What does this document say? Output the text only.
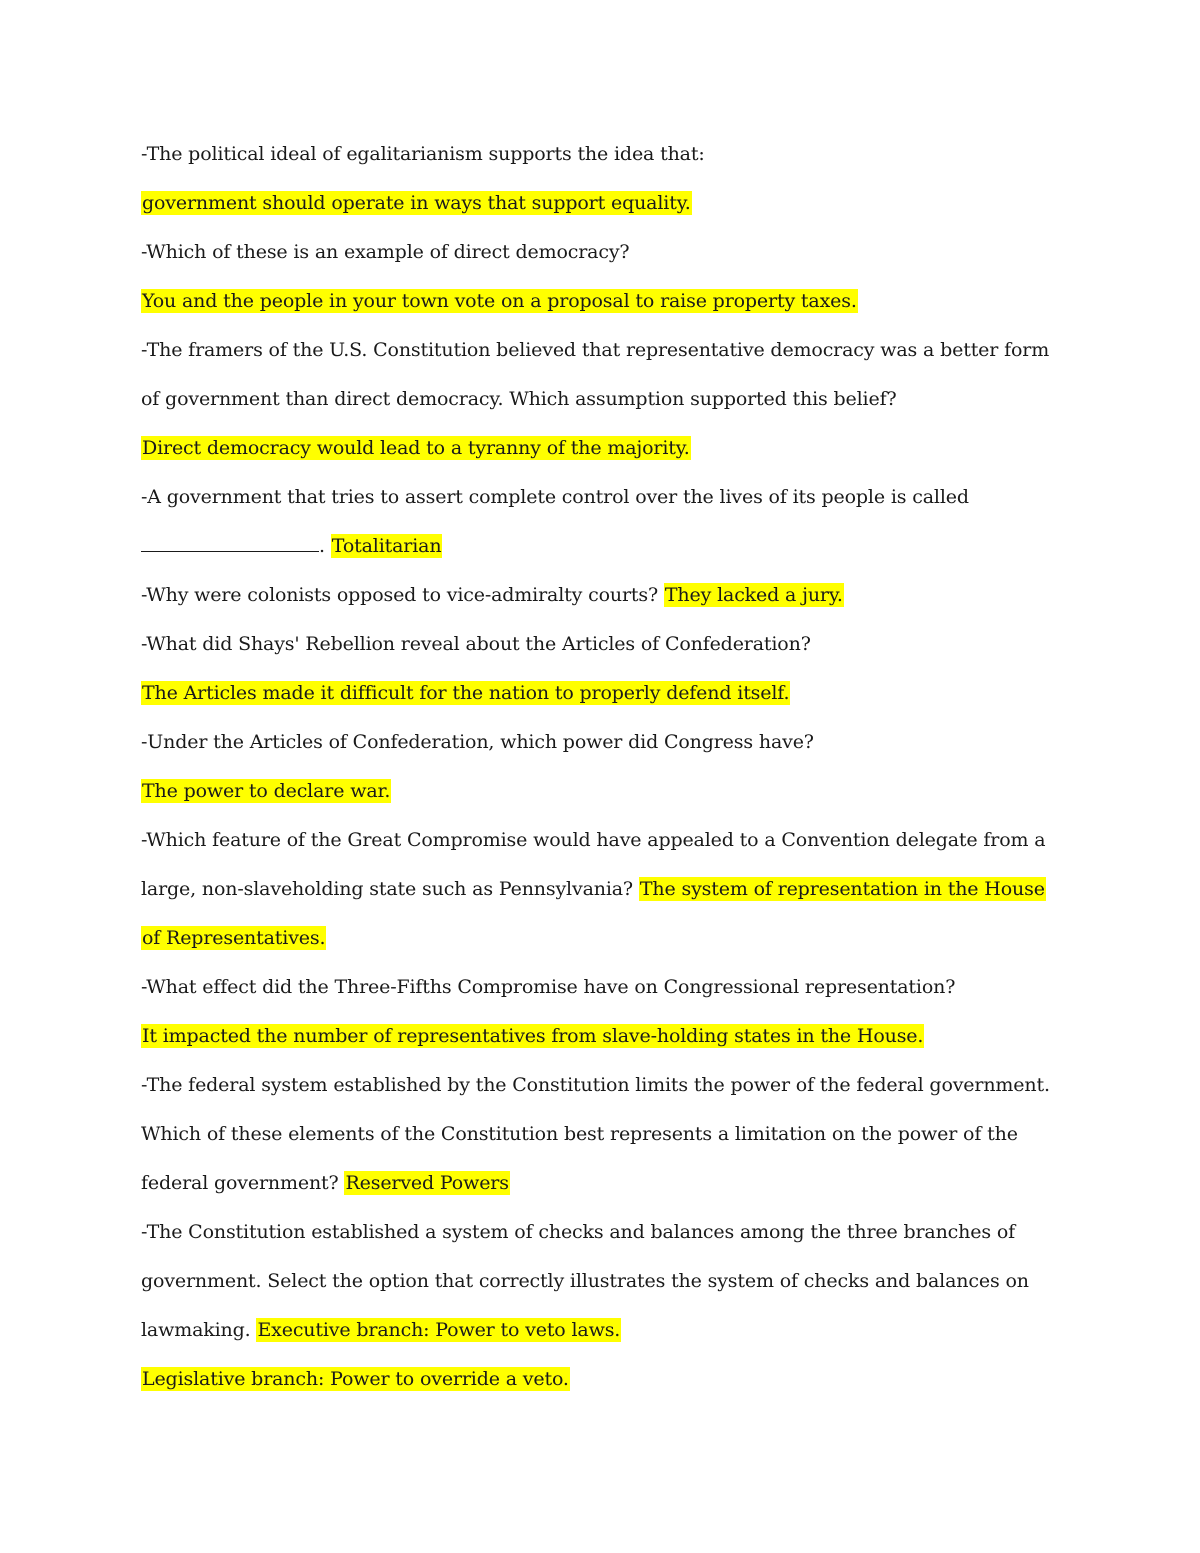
-The political ideal of egalitarianism supports the idea that:
government should operate in ways that support equality.
-Which of these is an example of direct democracy?
You and the people in your town vote on a proposal to raise property taxes.
-The framers of the U.S. Constitution believed that representative democracy was a better form
of government than direct democracy. Which assumption supported this belief?
Direct democracy would lead to a tyranny of the majority.
-A government that tries to assert complete control over the lives of its people is called
. Totalitarian
-Why were colonists opposed to vice-admiralty courts? They lacked a jury.
-What did Shays' Rebellion reveal about the Articles of Confederation?
The Articles made it difficult for the nation to properly defend itself.
-Under the Articles of Confederation, which power did Congress have?
The power to declare war.
-Which feature of the Great Compromise would have appealed to a Convention delegate from a
large, non-slaveholding state such as Pennsylvania? The system of representation in the House
of Representatives.
-What effect did the Three-Fifths Compromise have on Congressional representation?
It impacted the number of representatives from slave-holding states in the House.
-The federal system established by the Constitution limits the power of the federal government.
Which of these elements of the Constitution best represents a limitation on the power of the
federal government? Reserved Powers
-The Constitution established a system of checks and balances among the three branches of
government. Select the option that correctly illustrates the system of checks and balances on
lawmaking. Executive branch: Power to veto laws.
Legislative branch: Power to override a veto.
